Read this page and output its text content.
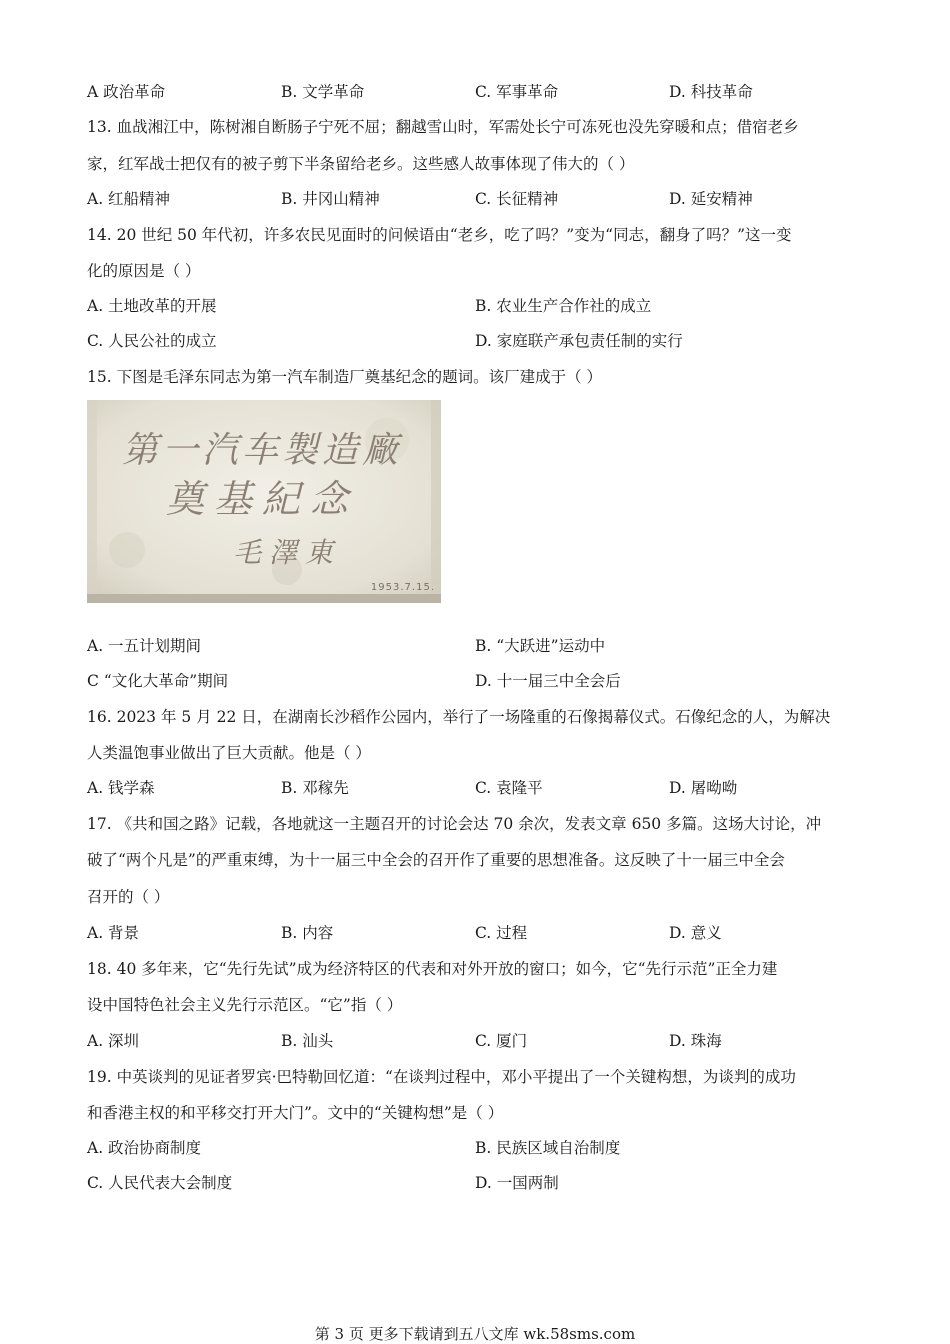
A 政治革命	B. 文学革命	C. 军事革命	D. 科技革命
13. 血战湘江中，陈树湘自断肠子宁死不屈；翻越雪山时，军需处长宁可冻死也没先穿暖和点；借宿老乡
家，红军战士把仅有的被子剪下半条留给老乡。这些感人故事体现了伟大的（ ）
A. 红船精神	B. 井冈山精神	C. 长征精神	D. 延安精神
14. 20 世纪 50 年代初，许多农民见面时的问候语由“老乡，吃了吗？”变为“同志，翻身了吗？”这一变
化的原因是（ ）
A. 土地改革的开展	B. 农业生产合作社的成立
C. 人民公社的成立	D. 家庭联产承包责任制的实行
15. 下图是毛泽东同志为第一汽车制造厂奠基纪念的题词。该厂建成于（ ）
第一汽车製造廠
奠基紀念
毛澤東
1953.7.15.
A. 一五计划期间	B. “大跃进”运动中
C “文化大革命”期间	D. 十一届三中全会后
16. 2023 年 5 月 22 日，在湖南长沙稻作公园内，举行了一场隆重的石像揭幕仪式。石像纪念的人，为解决
人类温饱事业做出了巨大贡献。他是（ ）
A. 钱学森	B. 邓稼先	C. 袁隆平	D. 屠呦呦
17. 《共和国之路》记载，各地就这一主题召开的讨论会达 70 余次，发表文章 650 多篇。这场大讨论，冲
破了“两个凡是”的严重束缚，为十一届三中全会的召开作了重要的思想准备。这反映了十一届三中全会
召开的（ ）
A. 背景	B. 内容	C. 过程	D. 意义
18. 40 多年来，它“先行先试”成为经济特区的代表和对外开放的窗口；如今，它“先行示范”正全力建
设中国特色社会主义先行示范区。“它”指（ ）
A. 深圳	B. 汕头	C. 厦门	D. 珠海
19. 中英谈判的见证者罗宾·巴特勒回忆道：“在谈判过程中，邓小平提出了一个关键构想，为谈判的成功
和香港主权的和平移交打开大门”。文中的“关键构想”是（ ）
A. 政治协商制度	B. 民族区域自治制度
C. 人民代表大会制度	D. 一国两制
第 3 页 更多下载请到五八文库 wk.58sms.com
